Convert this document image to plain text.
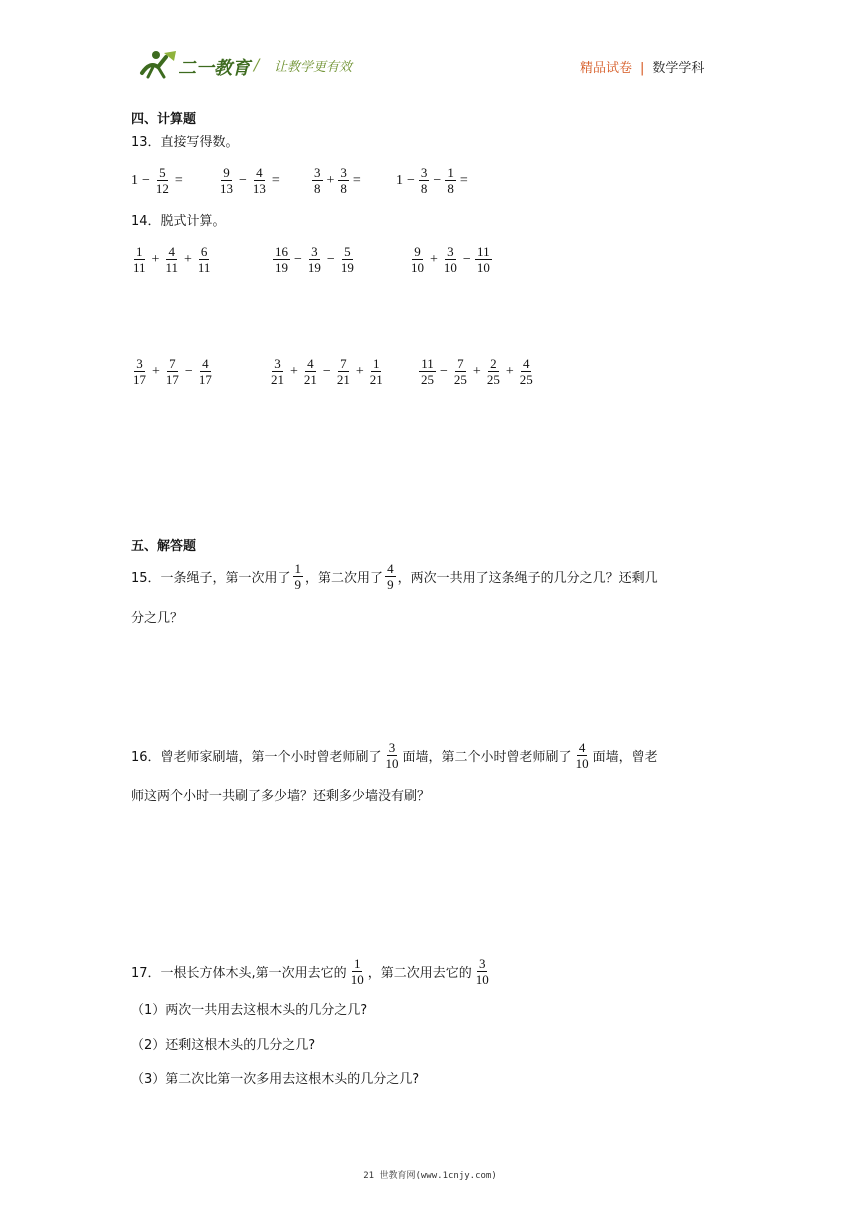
二一教育 / 让教学更有效	精品试卷 | 数学学科
四、计算题
13．直接写得数。
$1 - \frac{5}{12}$ =	$\frac{9}{13} - \frac{4}{13} = \frac{3}{8} + \frac{3}{8}$ =	$1 - \frac{3}{8} - \frac{1}{8}$ =
14．脱式计算。
$\frac{1}{11} + \frac{4}{11} + \frac{6}{11}$	$\frac{16}{19} - \frac{3}{19} - \frac{5}{19}$	$\frac{9}{10} + \frac{3}{10} - \frac{11}{10}$
$\frac{3}{17} + \frac{7}{17} - \frac{4}{17}$	$\frac{3}{21} + \frac{4}{21} - \frac{7}{21} + \frac{1}{21}$	$\frac{11}{25} - \frac{7}{25} + \frac{2}{25} + \frac{4}{25}$
五、解答题
15．一条绳子，第一次用了 $\frac{1}{9}$ ，第二次用了 $\frac{4}{9}$ ，两次一共用了这条绳子的几分之几？还剩几
分之几？
16．曾老师家刷墙，第一个小时曾老师刷了 $\frac{3}{10}$ 面墙，第二个小时曾老师刷了 $\frac{4}{10}$ 面墙，曾老
师这两个小时一共刷了多少墙？还剩多少墙没有刷？
17．一根长方体木头,第一次用去它的 $\frac{1}{10}$ ，第二次用去它的 $\frac{3}{10}$
（1）两次一共用去这根木头的几分之几?
（2）还剩这根木头的几分之几?
（3）第二次比第一次多用去这根木头的几分之几?
21 世教育网(www.1cnjy.com)
